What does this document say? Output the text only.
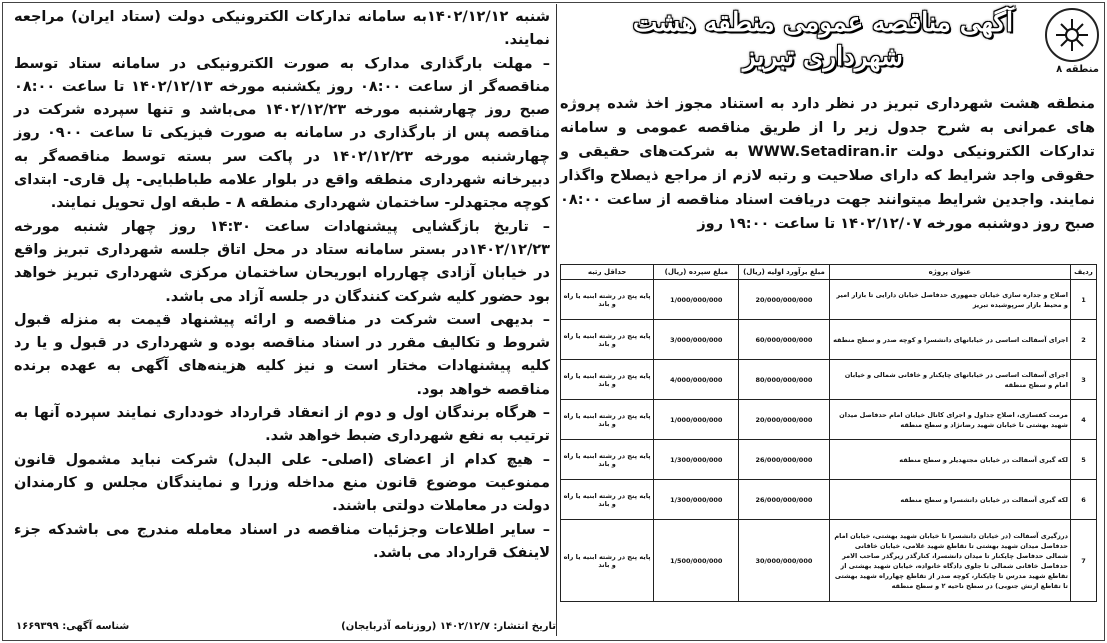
منطقه ۸
آگهی مناقصه عمومی منطقه هشت
شهرداری تبریز
منطقه هشت شهرداری تبریز در نظر دارد به استناد مجوز اخذ شده پروژه های عمرانی به شرح جدول زیر را از طریق مناقصه عمومی و سامانه تدارکات الکترونیکی دولت WWW.Setadiran.ir به شرکت‌های حقیقی و حقوقی واجد شرایط که دارای صلاحیت و رتبه لازم از مراجع ذیصلاح واگذار نمایند. واجدین شرایط میتوانند جهت دریافت اسناد مناقصه از ساعت ۰۸:۰۰ صبح روز دوشنبه مورخه ۱۴۰۲/۱۲/۰۷ تا ساعت ۱۹:۰۰ روز
ردیف	عنوان پروژه	مبلغ برآورد اولیه (ریال)	مبلغ سپرده (ریال)	حداقل رتبه
1	اصلاح و جداره سازی خیابان جمهوری حدفاصل خیابان دارایی تا بازار امیر و محیط بازار سرپوشیده تبریز	20/000/000/000	1/000/000/000	پایه پنج در رشته ابنیه یا راه و باند
2	اجرای آسفالت اساسی در خیابانهای دانشسرا و کوچه صدر و سطح منطقه	60/000/000/000	3/000/000/000	پایه پنج در رشته ابنیه یا راه و باند
3	اجرای آسفالت اساسی در خیابانهای چایکنار و خاقانی شمالی و خیابان امام و سطح منطقه	80/000/000/000	4/000/000/000	پایه پنج در رشته ابنیه یا راه و باند
4	مرمت کفسازی، اصلاح جداول و اجرای کانال خیابان امام حدفاصل میدان شهید بهشتی تا خیابان شهید رضانژاد و سطح منطقه	20/000/000/000	1/000/000/000	پایه پنج در رشته ابنیه یا راه و باند
5	لکه گیری آسفالت در خیابان مجتهدیلر و سطح منطقه	26/000/000/000	1/300/000/000	پایه پنج در رشته ابنیه یا راه و باند
6	لکه گیری آسفالت در خیابان دانشسرا و سطح منطقه	26/000/000/000	1/300/000/000	پایه پنج در رشته ابنیه یا راه و باند
7	درزگیری آسفالت (در خیابان دانشسرا تا خیابان شهید بهشتی، خیابان امام حدفاصل میدان شهید بهشتی تا تقاطع شهید غلامی، خیابان خاقانی شمالی حدفاصل چایکنار تا میدان دانشسرا، کنارگذر زیرگذر صاحب الامر حدفاصل خاقانی شمالی تا جلوی دادگاه خانواده، خیابان شهید بهشتی از تقاطع شهید مدرس تا چایکنار، کوچه صدر از تقاطع چهارراه شهید بهشتی تا تقاطع ارتش جنوبی) در سطح ناحیه ۲ و سطح منطقه	30/000/000/000	1/500/000/000	پایه پنج در رشته ابنیه یا راه و باند

شنبه ۱۴۰۲/۱۲/۱۲به سامانه تدارکات الکترونیکی دولت (ستاد ایران) مراجعه نمایند.

– مهلت بارگذاری مدارک به صورت الکترونیکی در سامانه ستاد توسط مناقصه‌گر از ساعت ۰۸:۰۰ روز یکشنبه مورخه ۱۴۰۲/۱۲/۱۳ تا ساعت ۰۸:۰۰ صبح روز چهارشنبه مورخه ۱۴۰۲/۱۲/۲۳ می‌باشد و تنها سپرده شرکت در مناقصه پس از بارگذاری در سامانه به صورت فیزیکی تا ساعت ۰۹۰۰ روز چهارشنبه مورخه ۱۴۰۲/۱۲/۲۳ در پاکت سر بسته توسط مناقصه‌گر به دبیرخانه شهرداری منطقه واقع در بلوار علامه طباطبایی- پل قاری- ابتدای کوچه مجتهدلر- ساختمان شهرداری منطقه ۸ - طبقه اول تحویل نمایند.

– تاریخ بازگشایی پیشنهادات ساعت ۱۴:۳۰ روز چهار شنبه مورخه ۱۴۰۲/۱۲/۲۳در بستر سامانه ستاد در محل اتاق جلسه شهرداری تبریز واقع در خیابان آزادی چهارراه ابوریحان ساختمان مرکزی شهرداری تبریز خواهد بود حضور کلیه شرکت کنندگان در جلسه آزاد می باشد.

– بدیهی است شرکت در مناقصه و ارائه پیشنهاد قیمت به منزله قبول شروط و تکالیف مقرر در اسناد مناقصه بوده و شهرداری در قبول و یا رد کلیه پیشنهادات مختار است و نیز کلیه هزینه‌های آگهی به عهده برنده مناقصه خواهد بود.

– هرگاه برندگان اول و دوم از انعقاد قرارداد خودداری نمایند سپرده آنها به ترتیب به نفع شهرداری ضبط خواهد شد.

– هیچ کدام از اعضای (اصلی- علی البدل) شرکت نباید مشمول قانون ممنوعیت موضوع قانون منع مداخله وزرا و نمایندگان مجلس و کارمندان دولت در معاملات دولتی باشند.

– سایر اطلاعات وجزئیات مناقصه در اسناد معامله مندرج می باشدکه جزء لاینفک قرارداد می باشد.

تاریخ انتشار: ۱۴۰۲/۱۲/۷ (روزنامه آذربایجان)
شناسه آگهی: ۱۶۶۹۳۹۹
